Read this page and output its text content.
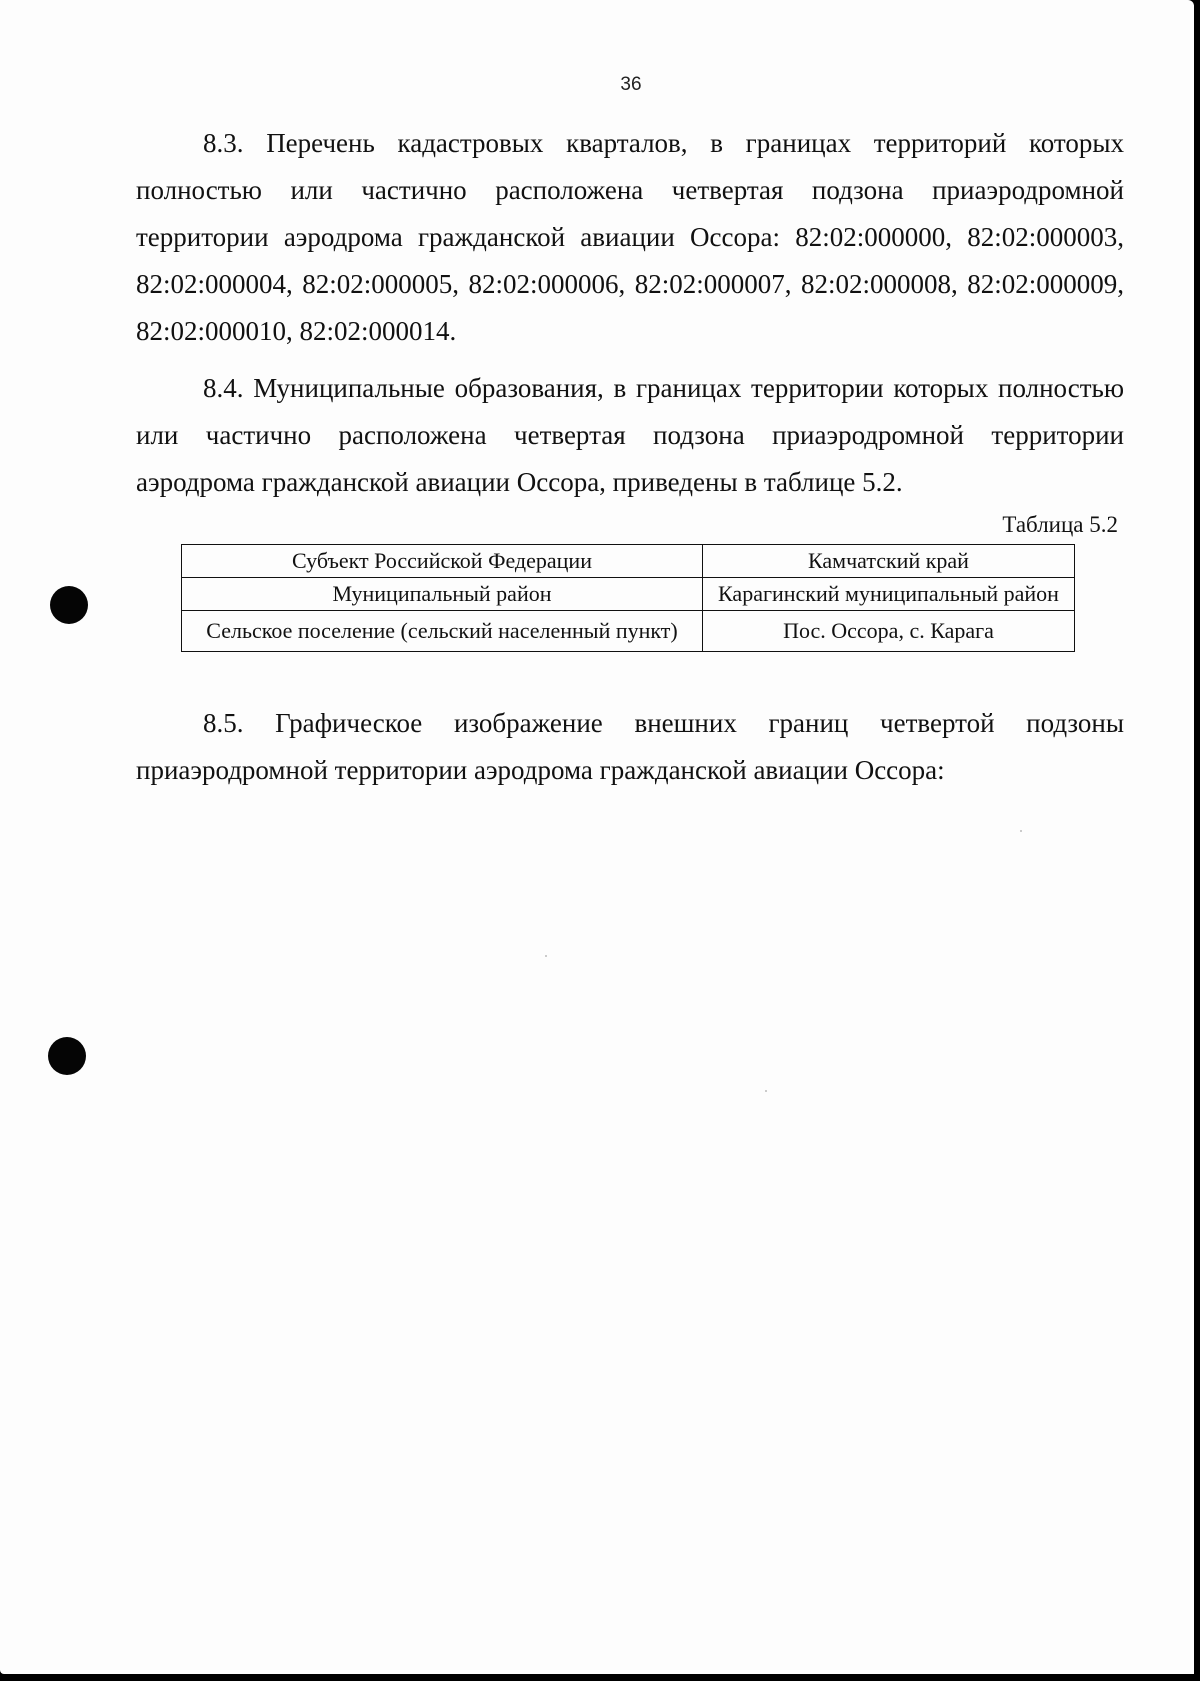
36

8.3. Перечень кадастровых кварталов, в границах территорий которых полностью или частично расположена четвертая подзона приаэродромной территории аэродрома гражданской авиации Оссора: 82:02:000000, 82:02:000003, 82:02:000004, 82:02:000005, 82:02:000006, 82:02:000007, 82:02:000008, 82:02:000009, 82:02:000010, 82:02:000014.

8.4. Муниципальные образования, в границах территории которых полностью или частично расположена четвертая подзона приаэродромной территории аэродрома гражданской авиации Оссора, приведены в таблице 5.2.

Таблица 5.2
Субъект Российской Федерации	Камчатский край
Муниципальный район	Карагинский муниципальный район
Сельское поселение (сельский населенный пункт)	Пос. Оссора, с. Карага

8.5. Графическое изображение внешних границ четвертой подзоны приаэродромной территории аэродрома гражданской авиации Оссора:
